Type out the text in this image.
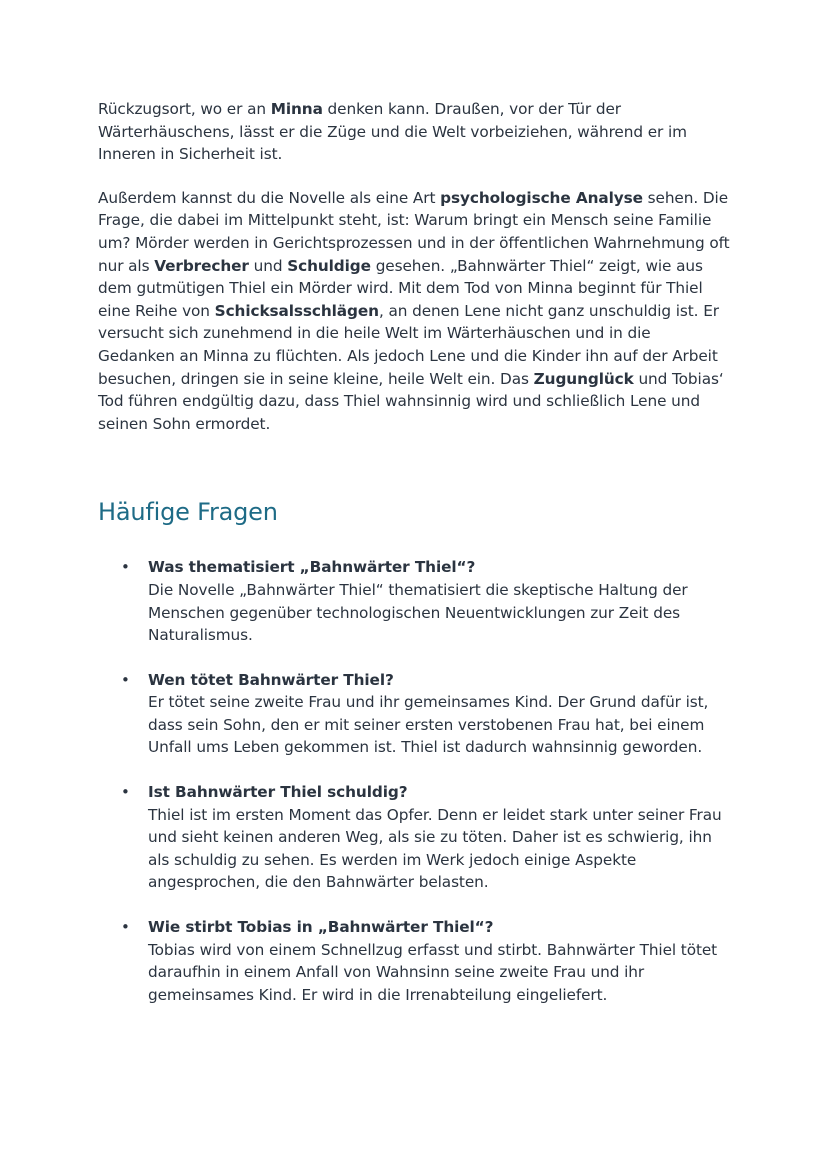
Rückzugsort, wo er an Minna denken kann. Draußen, vor der Tür der Wärterhäuschens, lässt er die Züge und die Welt vorbeiziehen, während er im Inneren in Sicherheit ist.

Außerdem kannst du die Novelle als eine Art psychologische Analyse sehen. Die Frage, die dabei im Mittelpunkt steht, ist: Warum bringt ein Mensch seine Familie um? Mörder werden in Gerichtsprozessen und in der öffentlichen Wahrnehmung oft nur als Verbrecher und Schuldige gesehen. „Bahnwärter Thiel“ zeigt, wie aus dem gutmütigen Thiel ein Mörder wird. Mit dem Tod von Minna beginnt für Thiel eine Reihe von Schicksalsschlägen, an denen Lene nicht ganz unschuldig ist. Er versucht sich zunehmend in die heile Welt im Wärterhäuschen und in die Gedanken an Minna zu flüchten. Als jedoch Lene und die Kinder ihn auf der Arbeit besuchen, dringen sie in seine kleine, heile Welt ein. Das Zugunglück und Tobias‘ Tod führen endgültig dazu, dass Thiel wahnsinnig wird und schließlich Lene und seinen Sohn ermordet.

Häufige Fragen
• Was thematisiert „Bahnwärter Thiel“?
Die Novelle „Bahnwärter Thiel“ thematisiert die skeptische Haltung der Menschen gegenüber technologischen Neuentwicklungen zur Zeit des Naturalismus.
• Wen tötet Bahnwärter Thiel?
Er tötet seine zweite Frau und ihr gemeinsames Kind. Der Grund dafür ist, dass sein Sohn, den er mit seiner ersten verstobenen Frau hat, bei einem Unfall ums Leben gekommen ist. Thiel ist dadurch wahnsinnig geworden.
• Ist Bahnwärter Thiel schuldig?
Thiel ist im ersten Moment das Opfer. Denn er leidet stark unter seiner Frau und sieht keinen anderen Weg, als sie zu töten. Daher ist es schwierig, ihn als schuldig zu sehen. Es werden im Werk jedoch einige Aspekte angesprochen, die den Bahnwärter belasten.
• Wie stirbt Tobias in „Bahnwärter Thiel“?
Tobias wird von einem Schnellzug erfasst und stirbt. Bahnwärter Thiel tötet daraufhin in einem Anfall von Wahnsinn seine zweite Frau und ihr gemeinsames Kind. Er wird in die Irrenabteilung eingeliefert.
